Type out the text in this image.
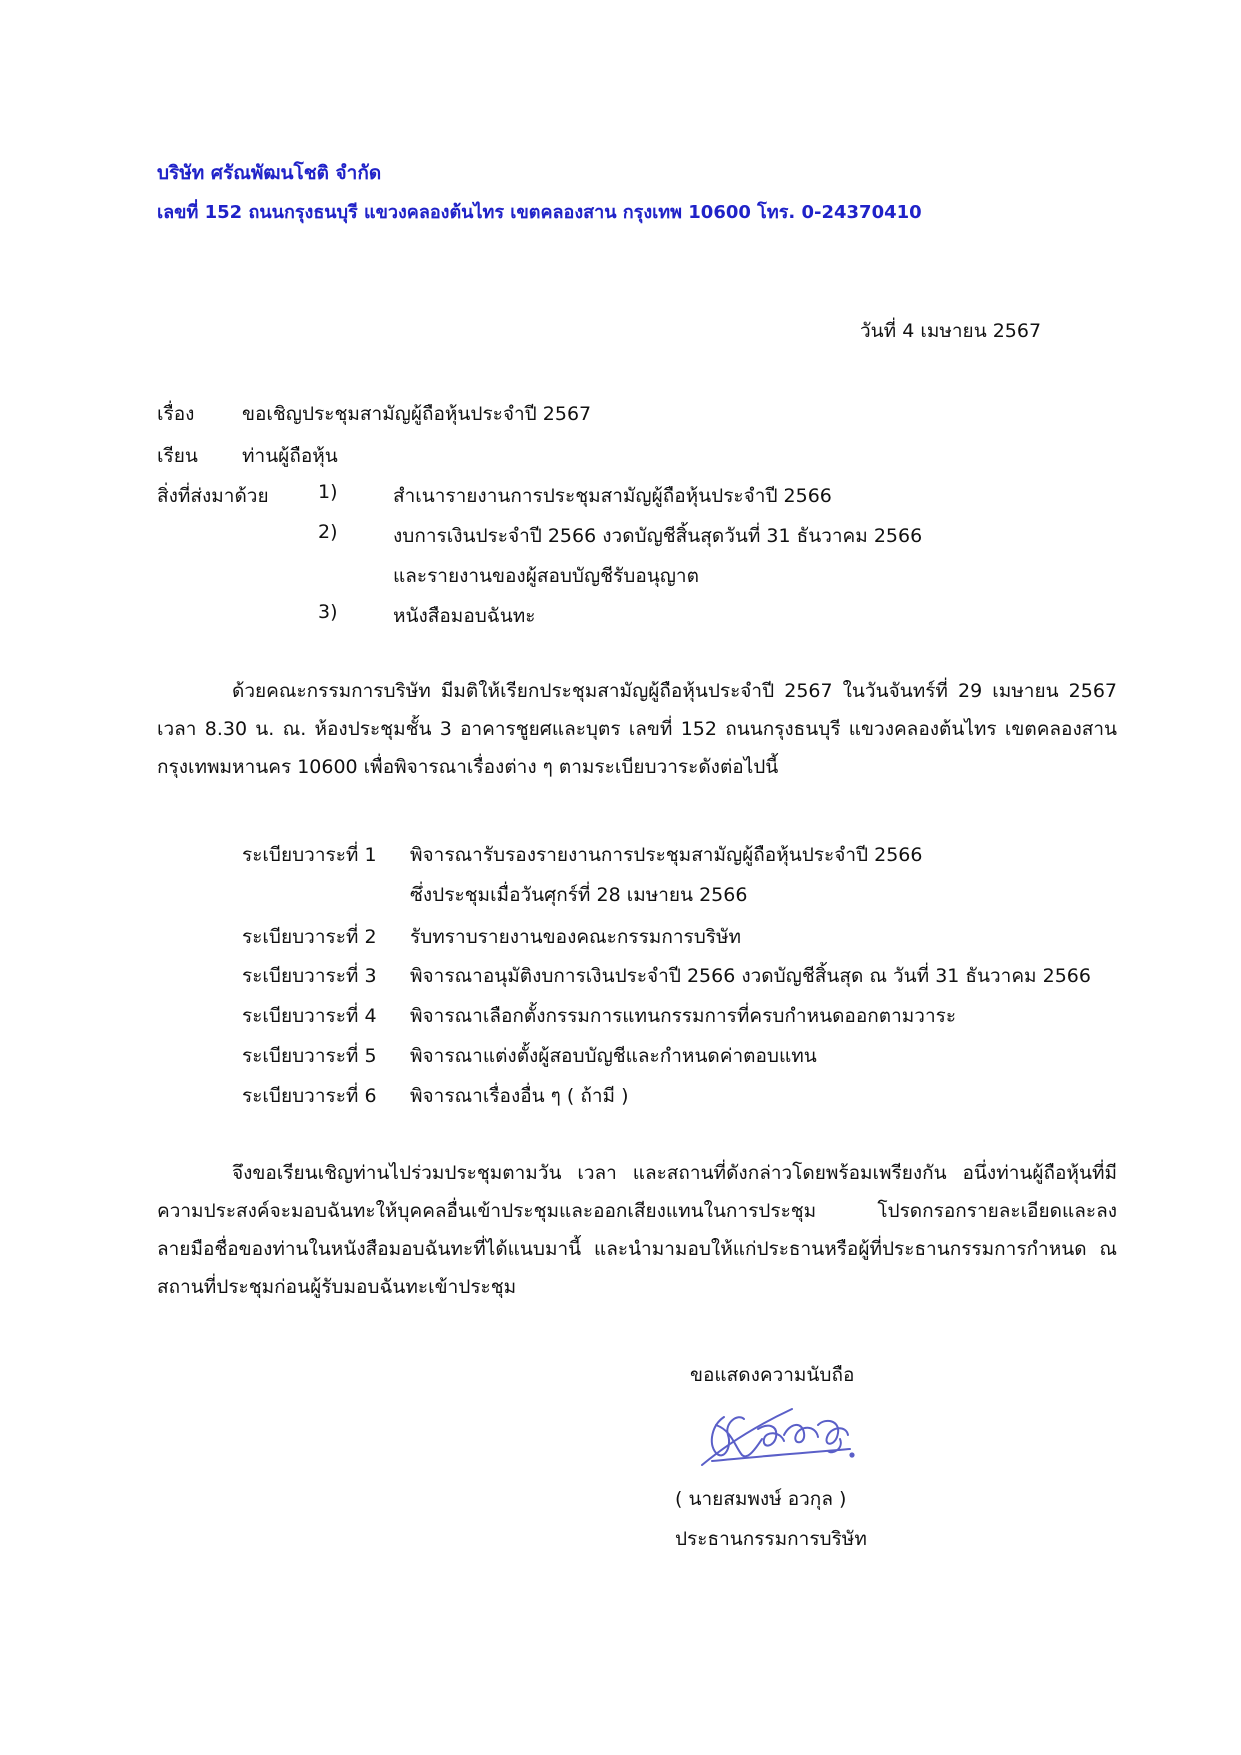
บริษัท ศรัณพัฒนโชติ จำกัด
เลขที่ 152 ถนนกรุงธนบุรี แขวงคลองต้นไทร เขตคลองสาน กรุงเทพ 10600 โทร. 0-24370410
วันที่ 4 เมษายน 2567
เรื่อง	ขอเชิญประชุมสามัญผู้ถือหุ้นประจำปี 2567
เรียน ท่านผู้ถือหุ้น
สิ่งที่ส่งมาด้วย	1)	สำเนารายงานการประชุมสามัญผู้ถือหุ้นประจำปี 2566
2)	งบการเงินประจำปี 2566 งวดบัญชีสิ้นสุดวันที่ 31 ธันวาคม 2566
และรายงานของผู้สอบบัญชีรับอนุญาต
3)	หนังสือมอบฉันทะ
ด้วยคณะกรรมการบริษัท มีมติให้เรียกประชุมสามัญผู้ถือหุ้นประจำปี 2567 ในวันจันทร์ที่ 29 เมษายน 2567 เวลา 8.30 น. ณ. ห้องประชุมชั้น 3 อาคารชูยศและบุตร เลขที่ 152 ถนนกรุงธนบุรี แขวงคลองต้นไทร เขตคลองสาน กรุงเทพมหานคร 10600 เพื่อพิจารณาเรื่องต่าง ๆ ตามระเบียบวาระดังต่อไปนี้
ระเบียบวาระที่ 1 พิจารณารับรองรายงานการประชุมสามัญผู้ถือหุ้นประจำปี 2566
ซึ่งประชุมเมื่อวันศุกร์ที่ 28 เมษายน 2566
ระเบียบวาระที่ 2 รับทราบรายงานของคณะกรรมการบริษัท
ระเบียบวาระที่ 3 พิจารณาอนุมัติงบการเงินประจำปี 2566 งวดบัญชีสิ้นสุด ณ วันที่ 31 ธันวาคม 2566
ระเบียบวาระที่ 4 พิจารณาเลือกตั้งกรรมการแทนกรรมการที่ครบกำหนดออกตามวาระ
ระเบียบวาระที่ 5 พิจารณาแต่งตั้งผู้สอบบัญชีและกำหนดค่าตอบแทน
ระเบียบวาระที่ 6 พิจารณาเรื่องอื่น ๆ ( ถ้ามี )
จึงขอเรียนเชิญท่านไปร่วมประชุมตามวัน เวลา และสถานที่ดังกล่าวโดยพร้อมเพรียงกัน อนึ่งท่านผู้ถือหุ้นที่มีความประสงค์จะมอบฉันทะให้บุคคลอื่นเข้าประชุมและออกเสียงแทนในการประชุม โปรดกรอกรายละเอียดและลงลายมือชื่อของท่านในหนังสือมอบฉันทะที่ได้แนบมานี้ และนำมามอบให้แก่ประธานหรือผู้ที่ประธานกรรมการกำหนด ณ สถานที่ประชุมก่อนผู้รับมอบฉันทะเข้าประชุม
ขอแสดงความนับถือ
( นายสมพงษ์ อวกุล )
ประธานกรรมการบริษัท
